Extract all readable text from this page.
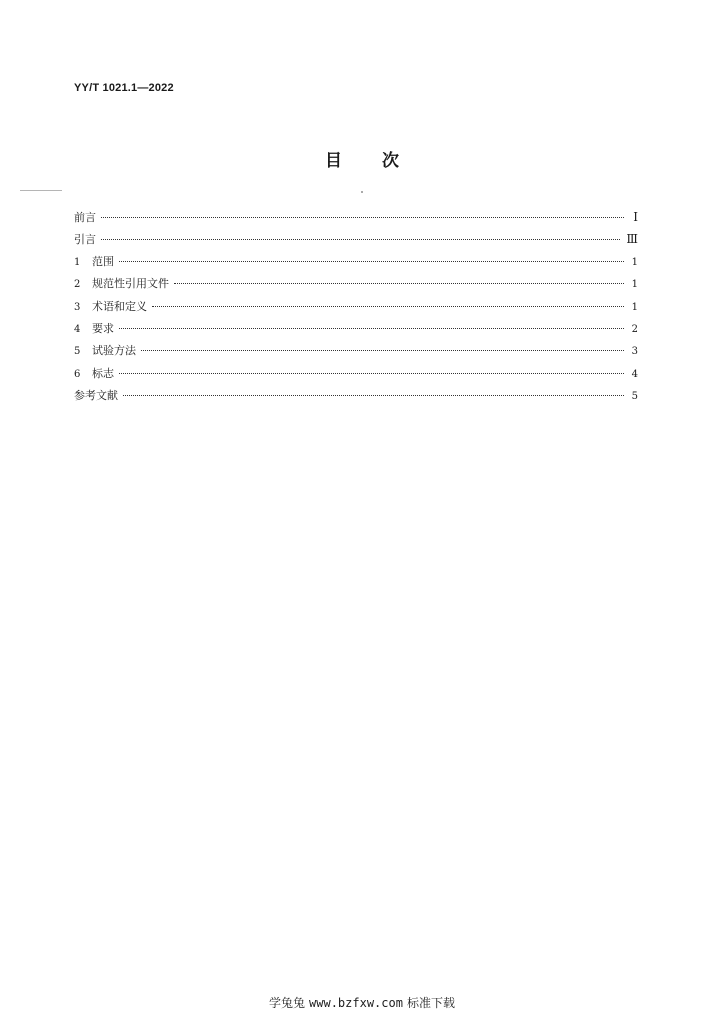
YY/T 1021.1—2022
目 次
前言	Ⅰ
引言	Ⅲ
1	范围	1
2	规范性引用文件	1
3	术语和定义	1
4	要求	2
5	试验方法	3
6	标志	4
参考文献	5
学兔兔 www.bzfxw.com 标准下载
